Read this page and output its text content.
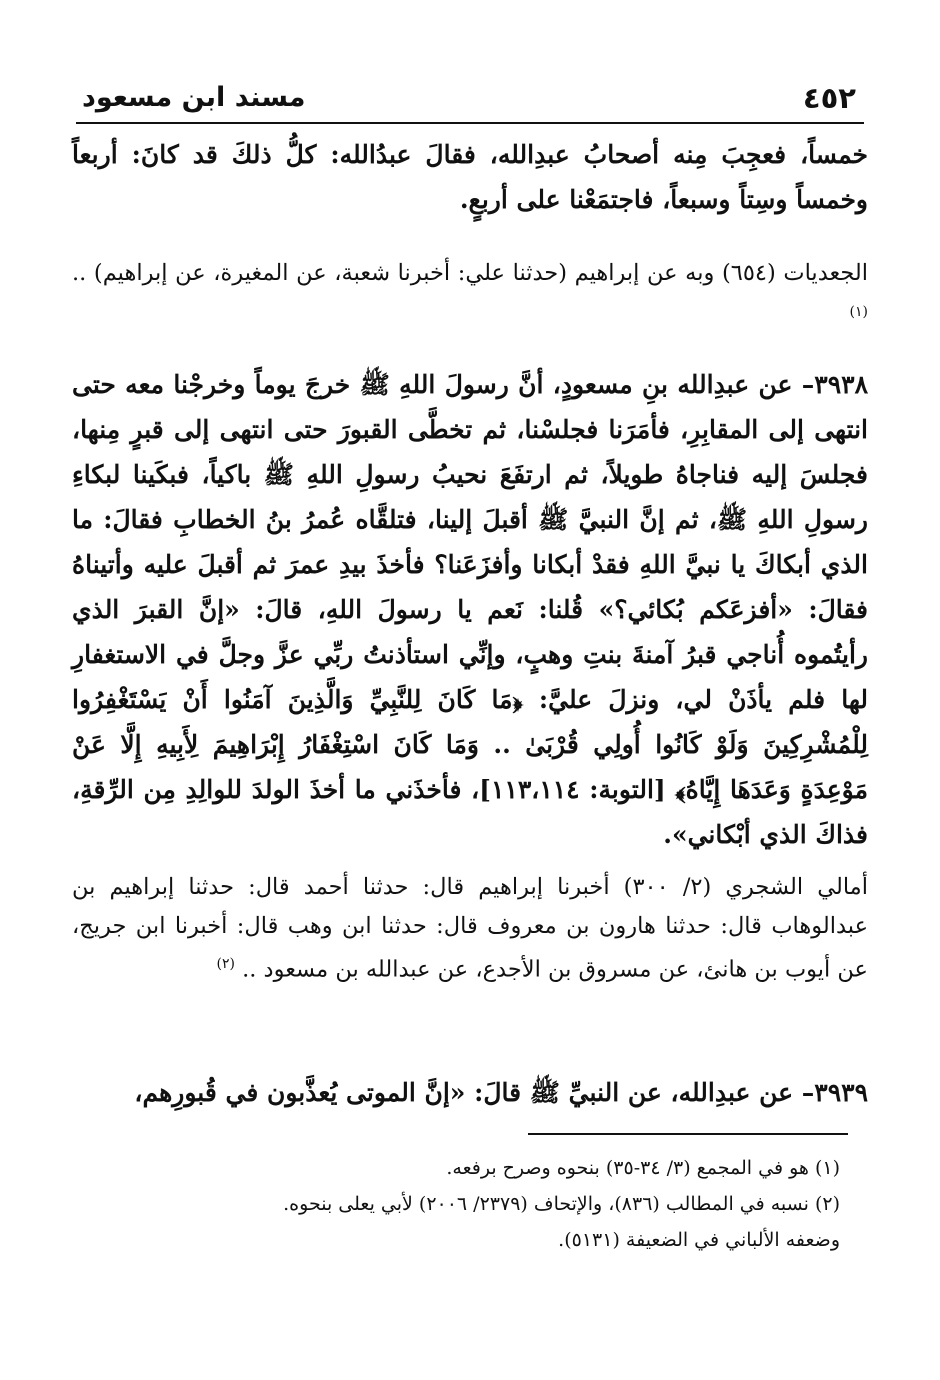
مسند ابن مسعود	٤٥٢
خمساً، فعجِبَ مِنه أصحابُ عبدِالله، فقالَ عبدُالله: كلُّ ذلكَ قد كانَ: أربعاً وخمساً وسِتاً وسبعاً، فاجتمَعْنا على أربعٍ.
الجعديات (٦٥٤) وبه عن إبراهيم (حدثنا علي: أخبرنا شعبة، عن المغيرة، عن إبراهيم) .. $^{(١)}$
٣٩٣٨– عن عبدِالله بنِ مسعودٍ، أنَّ رسولَ اللهِ ﷺ خرجَ يوماً وخرجْنا معه حتى انتهى إلى المقابِرِ، فأمَرَنا فجلسْنا، ثم تخطَّى القبورَ حتى انتهى إلى قبرٍ مِنها، فجلسَ إليه فناجاهُ طويلاً، ثم ارتفَعَ نحيبُ رسولِ اللهِ ﷺ باكياً، فبكَينا لبكاءِ رسولِ اللهِ ﷺ، ثم إنَّ النبيَّ ﷺ أقبلَ إلينا، فتلقَّاه عُمرُ بنُ الخطابِ فقالَ: ما الذي أبكاكَ يا نبيَّ اللهِ فقدْ أبكانا وأفزَعَنا؟ فأخذَ بيدِ عمرَ ثم أقبلَ عليه وأتيناهُ فقالَ: «أفزعَكم بُكائي؟» قُلنا: نَعم يا رسولَ اللهِ، قالَ: «إنَّ القبرَ الذي رأيتُموه أُناجي قبرُ آمنةَ بنتِ وهبٍ، وإنِّي استأذنتُ ربِّي عزَّ وجلَّ في الاستغفارِ لها فلم يأذَنْ لي، ونزلَ عليَّ: ﴿مَا كَانَ لِلنَّبِيِّ وَالَّذِينَ آمَنُوا أَنْ يَسْتَغْفِرُوا لِلْمُشْرِكِينَ وَلَوْ كَانُوا أُولِي قُرْبَىٰ .. وَمَا كَانَ اسْتِغْفَارُ إِبْرَاهِيمَ لِأَبِيهِ إِلَّا عَنْ مَوْعِدَةٍ وَعَدَهَا إِيَّاهُ﴾ [التوبة: ١١٣،١١٤]، فأخذَني ما أخذَ الولدَ للوالِدِ مِن الرِّقةِ، فذاكَ الذي أبْكاني».
أمالي الشجري (٢/ ٣٠٠) أخبرنا إبراهيم قال: حدثنا أحمد قال: حدثنا إبراهيم بن عبدالوهاب قال: حدثنا هارون بن معروف قال: حدثنا ابن وهب قال: أخبرنا ابن جريج، عن أيوب بن هانئ، عن مسروق بن الأجدع، عن عبدالله بن مسعود .. $^{(٢)}$
٣٩٣٩– عن عبدِالله، عن النبيِّ ﷺ قالَ: «إنَّ الموتى يُعذَّبون في قُبورِهم،
(١) هو في المجمع (٣/ ٣٤-٣٥) بنحوه وصرح برفعه.
(٢) نسبه في المطالب (٨٣٦)، والإتحاف (٢٣٧٩/ ٢٠٠٦) لأبي يعلى بنحوه.
وضعفه الألباني في الضعيفة (٥١٣١).
